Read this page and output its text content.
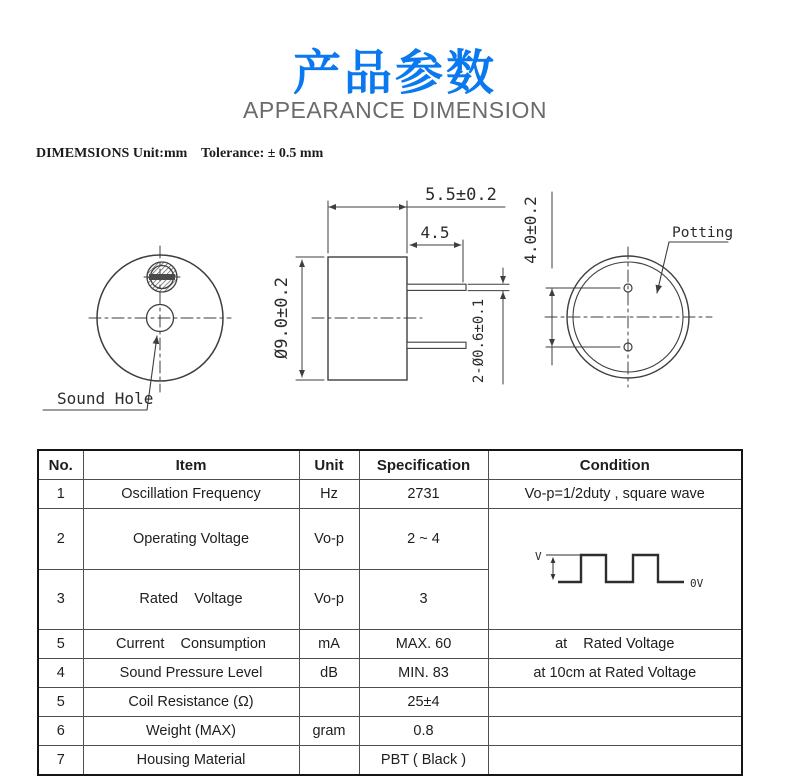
产品参数
APPEARANCE DIMENSION
DIMEMSIONS Unit:mm Tolerance: ± 0.5 mm
Sound Hole
5.5±0.2
4.5
Ø9.0±0.2	2-Ø0.6±0.1
4.0±0.2	Potting
No.	Item	Unit	Specification	Condition
1	Oscillation Frequency	Hz	2731	Vo-p=1/2duty , square wave
2	Operating Voltage	Vo-p	2 ~ 4	V
0V

3	Rated    Voltage	Vo-p	3	
5	Current    Consumption	mA	MAX. 60	at    Rated Voltage
4	Sound Pressure Level	dB	MIN. 83	at 10cm at Rated Voltage
5	Coil Resistance (Ω)		25±4	
6	Weight (MAX)	gram	0.8	
7	Housing Material		PBT ( Black )	
